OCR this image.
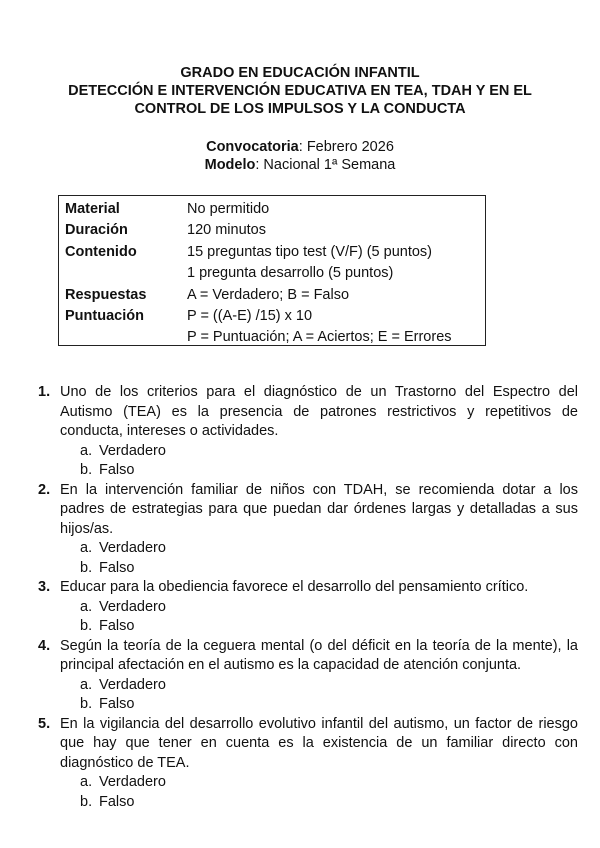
GRADO EN EDUCACIÓN INFANTIL
DETECCIÓN E INTERVENCIÓN EDUCATIVA EN TEA, TDAH Y EN EL
CONTROL DE LOS IMPULSOS Y LA CONDUCTA
Convocatoria: Febrero 2026
Modelo: Nacional 1ª Semana
Material	No permitido
Duración	120 minutos
Contenido	15 preguntas tipo test (V/F) (5 puntos)
1 pregunta desarrollo (5 puntos)
Respuestas	A = Verdadero; B = Falso
Puntuación	P = ((A-E) /15) x 10
P = Puntuación; A = Aciertos; E = Errores
1. Uno de los criterios para el diagnóstico de un Trastorno del Espectro del Autismo (TEA) es la presencia de patrones restrictivos y repetitivos de conducta, intereses o actividades.
a. Verdadero
b. Falso
2. En la intervención familiar de niños con TDAH, se recomienda dotar a los padres de estrategias para que puedan dar órdenes largas y detalladas a sus hijos/as.
a. Verdadero
b. Falso
3. Educar para la obediencia favorece el desarrollo del pensamiento crítico.
a. Verdadero
b. Falso
4. Según la teoría de la ceguera mental (o del déficit en la teoría de la mente), la principal afectación en el autismo es la capacidad de atención conjunta.
a. Verdadero
b. Falso
5. En la vigilancia del desarrollo evolutivo infantil del autismo, un factor de riesgo que hay que tener en cuenta es la existencia de un familiar directo con diagnóstico de TEA.
a. Verdadero
b. Falso
